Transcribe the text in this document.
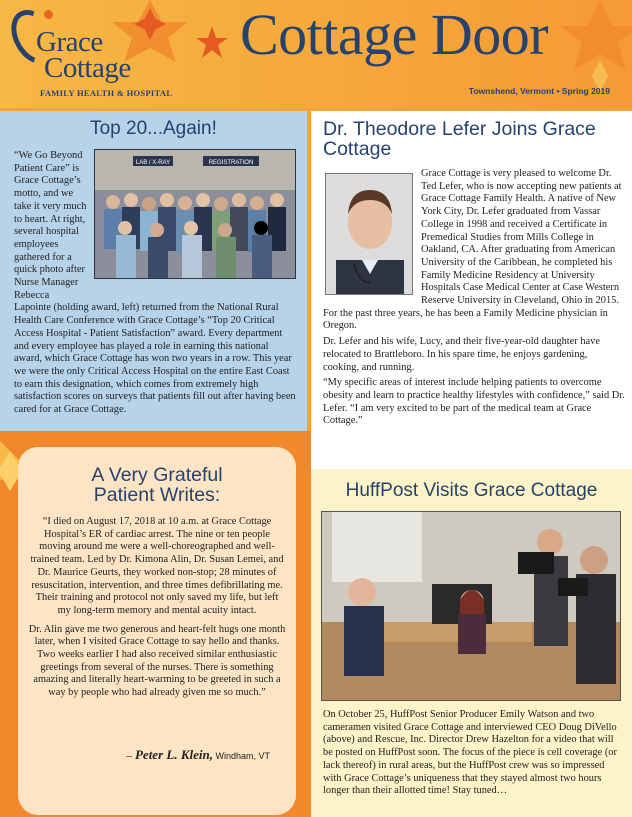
Grace
Cottage
FAMILY HEALTH & HOSPITAL
Cottage Door
Townshend, Vermont • Spring 2019
Top 20...Again!
LAB / X-RAY	REGISTRATION
“We Go Beyond Patient Care” is Grace Cottage’s motto, and we take it very much to heart. At right, several hospital employees gathered for a quick photo after Nurse Manager Rebecca Lapointe (holding award, left) returned from the National Rural Health Care Conference with Grace Cottage’s “Top 20 Critical Access Hospital - Patient Satisfaction” award. Every department and every employee has played a role in earning this national award, which Grace Cottage has won two years in a row. This year we were the only Critical Access Hospital on the entire East Coast to earn this designation, which comes from extremely high satisfaction scores on surveys that patients fill out after having been cared for at Grace Cottage.
Dr. Theodore Lefer Joins Grace Cottage

Grace Cottage is very pleased to welcome Dr. Ted Lefer, who is now accepting new patients at Grace Cottage Family Health. A native of New York City, Dr. Lefer graduated from Vassar College in 1998 and received a Certificate in Premedical Studies from Mills College in Oakland, CA. After graduating from American University of the Caribbean, he completed his Family Medicine Residency at University Hospitals Case Medical Center at Case Western Reserve University in Cleveland, Ohio in 2015. For the past three years, he has been a Family Medicine physician in Oregon.

Dr. Lefer and his wife, Lucy, and their five-year-old daughter have relocated to Brattleboro. In his spare time, he enjoys gardening, cooking, and running.

“My specific areas of interest include helping patients to overcome obesity and learn to practice healthy lifestyles with confidence,” said Dr. Lefer. “I am very excited to be part of the medical team at Grace Cottage.”

A Very Grateful
Patient Writes:

“I died on August 17, 2018 at 10 a.m. at Grace Cottage Hospital’s ER of cardiac arrest. The nine or ten people moving around me were a well-choreographed and well-trained team. Led by Dr. Kimona Alin, Dr. Susan Lemei, and Dr. Maurice Geurts, they worked non-stop; 28 minutes of resuscitation, intervention, and three times defibrillating me. Their training and protocol not only saved my life, but left my long-term memory and mental acuity intact.

Dr. Alin gave me two generous and heart-felt hugs one month later, when I visited Grace Cottage to say hello and thanks. Two weeks earlier I had also received similar enthusiastic greetings from several of the nurses. There is something amazing and literally heart-warming to be greeted in such a way by people who had already given me so much.”

– Peter L. Klein, Windham, VT
HuffPost Visits Grace Cottage
On October 25, HuffPost Senior Producer Emily Watson and two cameramen visited Grace Cottage and interviewed CEO Doug DiVello (above) and Rescue, Inc. Director Drew Hazelton for a video that will be posted on HuffPost soon. The focus of the piece is cell coverage (or lack thereof) in rural areas, but the HuffPost crew was so impressed with Grace Cottage’s uniqueness that they stayed almost two hours longer than their allotted time! Stay tuned…
